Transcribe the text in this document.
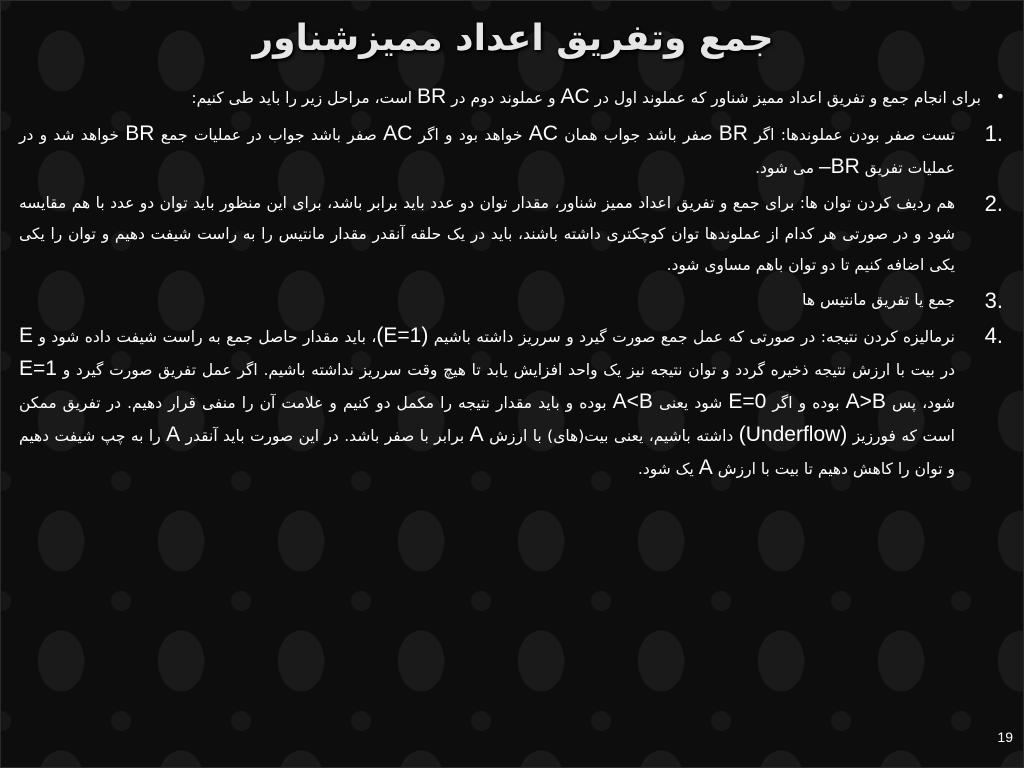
جمع وتفریق اعداد ممیزشناور
•
برای انجام جمع و تفریق اعداد ممیز شناور که عملوند اول در AC و عملوند دوم در BR است، مراحل زیر را باید طی کنیم:
1.
تست صفر بودن عملوندها: اگر BR صفر باشد جواب همان AC خواهد بود و اگر AC صفر باشد جواب در عملیات جمع BR خواهد شد و در عملیات تفریق –BR می شود.
2.
هم ردیف کردن توان ها: برای جمع و تفریق اعداد ممیز شناور، مقدار توان دو عدد باید برابر باشد، برای این منظور باید توان دو عدد با هم مقایسه شود و در صورتی هر کدام از عملوندها توان کوچکتری داشته باشند، باید در یک حلقه آنقدر مقدار مانتیس را به راست شیفت دهیم و توان را یکی یکی اضافه کنیم تا دو توان باهم مساوی شود.
3.
جمع یا تفریق مانتیس ها
4.
نرمالیزه کردن نتیجه: در صورتی که عمل جمع صورت گیرد و سرریز داشته باشیم (E=1)، باید مقدار حاصل جمع به راست شیفت داده شود و E در بیت با ارزش نتیجه ذخیره گردد و توان نتیجه نیز یک واحد افزایش یابد تا هیچ وقت سرریز نداشته باشیم. اگر عمل تفریق صورت گیرد و E=1 شود، پس A>B بوده و اگر E=0 شود یعنی A<B بوده و باید مقدار نتیجه را مکمل دو کنیم و علامت آن را منفی قرار دهیم. در تفریق ممکن است که فورزیز (Underflow) داشته باشیم، یعنی بیت(های) با ارزش A برابر با صفر باشد. در این صورت باید آنقدر A را به چپ شیفت دهیم و توان را کاهش دهیم تا بیت با ارزش A یک شود.
19
